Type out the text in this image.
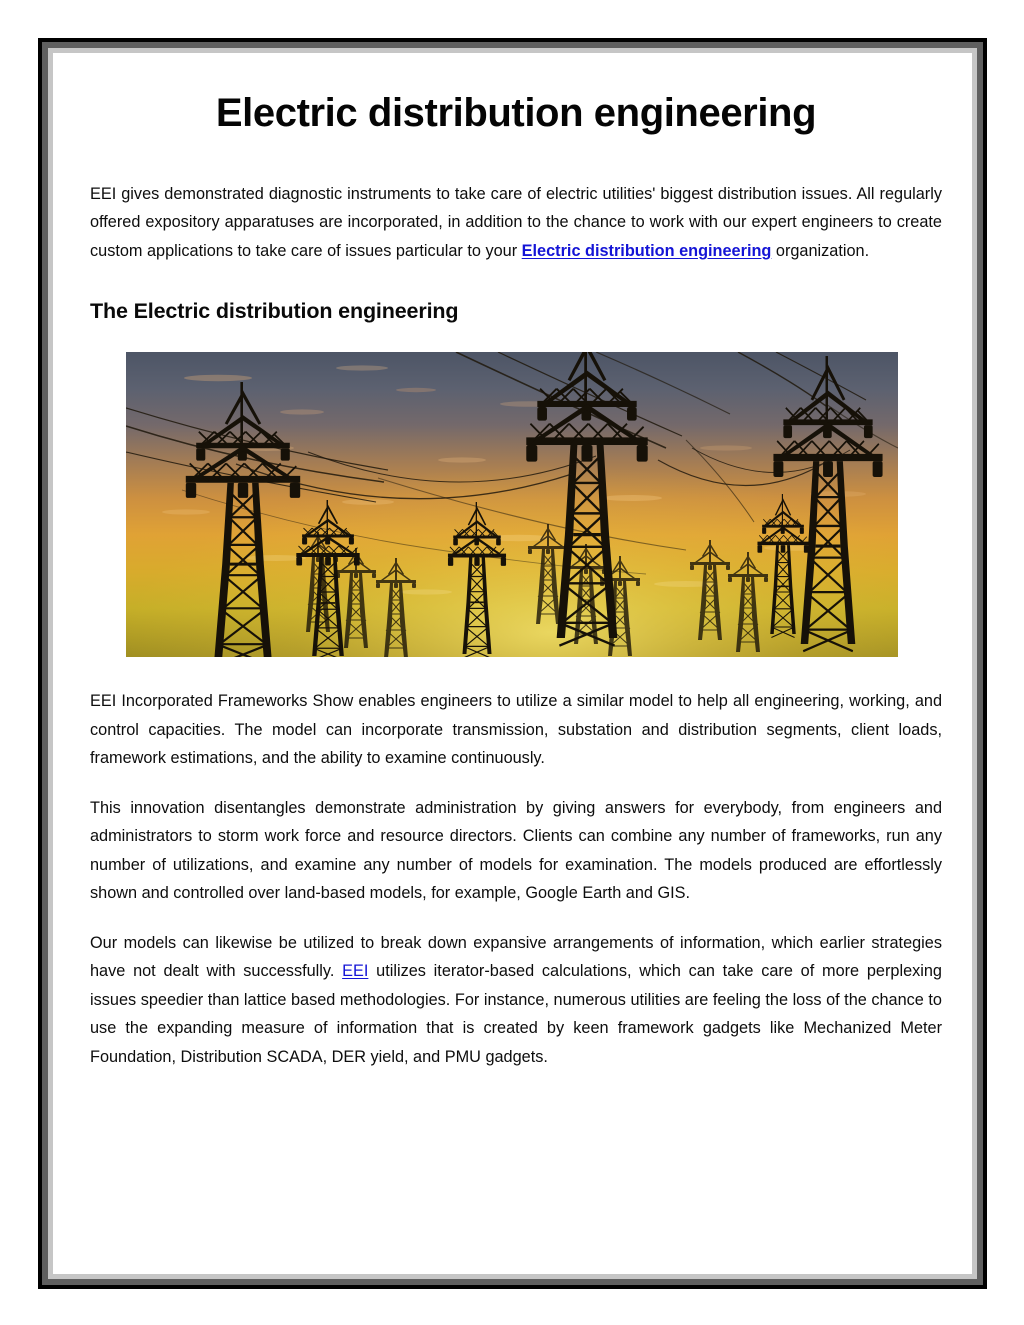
Electric distribution engineering

EEI gives demonstrated diagnostic instruments to take care of electric utilities' biggest distribution issues. All regularly offered expository apparatuses are incorporated, in addition to the chance to work with our expert engineers to create custom applications to take care of issues particular to your Electric distribution engineering organization.

The Electric distribution engineering

EEI Incorporated Frameworks Show enables engineers to utilize a similar model to help all engineering, working, and control capacities. The model can incorporate transmission, substation and distribution segments, client loads, framework estimations, and the ability to examine continuously.

This innovation disentangles demonstrate administration by giving answers for everybody, from engineers and administrators to storm work force and resource directors. Clients can combine any number of frameworks, run any number of utilizations, and examine any number of models for examination. The models produced are effortlessly shown and controlled over land-based models, for example, Google Earth and GIS.

Our models can likewise be utilized to break down expansive arrangements of information, which earlier strategies have not dealt with successfully. EEI utilizes iterator-based calculations, which can take care of more perplexing issues speedier than lattice based methodologies. For instance, numerous utilities are feeling the loss of the chance to use the expanding measure of information that is created by keen framework gadgets like Mechanized Meter Foundation, Distribution SCADA, DER yield, and PMU gadgets.
